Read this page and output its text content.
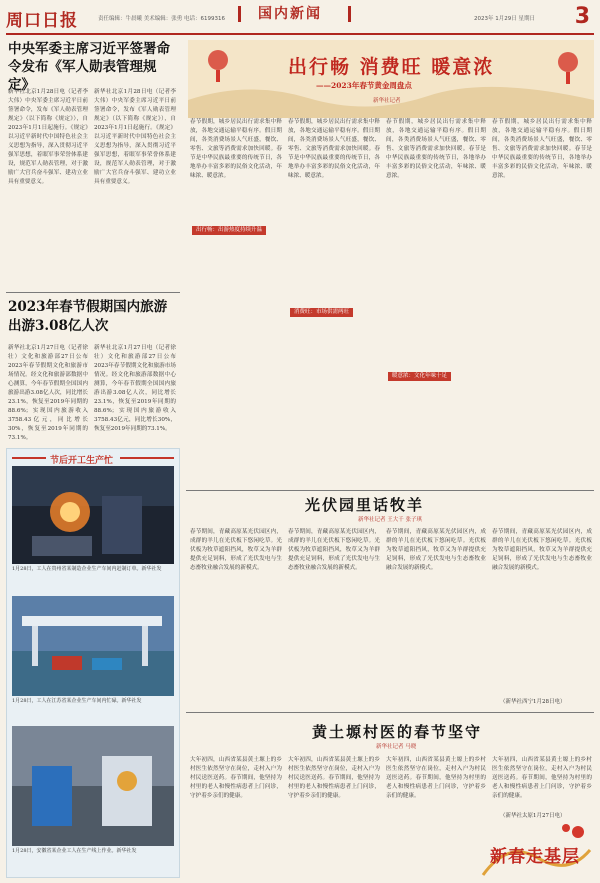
周口日报	责任编辑：牛晨曦 美术编辑：张勇 电话：6199316	2023年 1月29日 星期日 3
国内新闻
中央军委主席习近平签署命令发布《军人勋表管理规定》
新华社北京1月28日电（记者李大伟）中央军委主席习近平日前签署命令，发布《军人勋表管理规定》（以下简称《规定》），自2023年1月1日起施行。《规定》以习近平新时代中国特色社会主义思想为指导，深入贯彻习近平强军思想，着眼军事荣誉体系建设，规范军人勋表管理，对于激励广大官兵奋斗强军、建功立业具有重要意义。
新华社北京1月28日电（记者李大伟）中央军委主席习近平日前签署命令，发布《军人勋表管理规定》（以下简称《规定》），自2023年1月1日起施行。《规定》以习近平新时代中国特色社会主义思想为指导，深入贯彻习近平强军思想，着眼军事荣誉体系建设，规范军人勋表管理，对于激励广大官兵奋斗强军、建功立业具有重要意义。
2023年春节假期国内旅游出游3.08亿人次
新华社北京1月27日电（记者徐壮）文化和旅游部27日公布2023年春节假期文化和旅游市场情况。经文化和旅游部数据中心测算，今年春节假期全国国内旅游出游3.08亿人次，同比增长23.1%，恢复至2019年同期的88.6%；实现国内旅游收入3758.43亿元，同比增长30%，恢复至2019年同期的73.1%。
新华社北京1月27日电（记者徐壮）文化和旅游部27日公布2023年春节假期文化和旅游市场情况。经文化和旅游部数据中心测算，今年春节假期全国国内旅游出游3.08亿人次，同比增长23.1%，恢复至2019年同期的88.6%；实现国内旅游收入3758.43亿元，同比增长30%，恢复至2019年同期的73.1%。
节后开工生产忙
1月28日，工人在贵州省某制造企业生产车间内赶制订单。新华社发
1月28日，工人在江苏省某企业生产车间内忙碌。新华社发
1月28日，安徽省某企业工人在生产线上作业。新华社发
出行畅 消费旺 暖意浓
——2023年春节黄金周盘点
新华社记者
春节假期，城乡居民出行需求集中释放，各地交通运输平稳有序。假日期间，各类消费场景人气旺盛，餐饮、零售、文旅等消费需求加快回暖。春节是中华民族最重要的传统节日，各地举办丰富多彩的民俗文化活动，年味浓、暖意浓。
出行畅：出游热度持续升温
春节假期，城乡居民出行需求集中释放，各地交通运输平稳有序。假日期间，各类消费场景人气旺盛，餐饮、零售、文旅等消费需求加快回暖。春节是中华民族最重要的传统节日，各地举办丰富多彩的民俗文化活动，年味浓、暖意浓。
消费旺：市场供需两旺
春节假期，城乡居民出行需求集中释放，各地交通运输平稳有序。假日期间，各类消费场景人气旺盛，餐饮、零售、文旅等消费需求加快回暖。春节是中华民族最重要的传统节日，各地举办丰富多彩的民俗文化活动，年味浓、暖意浓。
暖意浓：文化年味十足
春节假期，城乡居民出行需求集中释放，各地交通运输平稳有序。假日期间，各类消费场景人气旺盛，餐饮、零售、文旅等消费需求加快回暖。春节是中华民族最重要的传统节日，各地举办丰富多彩的民俗文化活动，年味浓、暖意浓。
光伏园里话牧羊
新华社记者 王大千 张子琪
春节期间，青藏高原某光伏园区内，成群的羊儿在光伏板下悠闲吃草。光伏板为牧草遮阳挡风，牧草又为羊群提供充足饲料，形成了光伏发电与生态畜牧业融合发展的新模式。
春节期间，青藏高原某光伏园区内，成群的羊儿在光伏板下悠闲吃草。光伏板为牧草遮阳挡风，牧草又为羊群提供充足饲料，形成了光伏发电与生态畜牧业融合发展的新模式。
春节期间，青藏高原某光伏园区内，成群的羊儿在光伏板下悠闲吃草。光伏板为牧草遮阳挡风，牧草又为羊群提供充足饲料，形成了光伏发电与生态畜牧业融合发展的新模式。
春节期间，青藏高原某光伏园区内，成群的羊儿在光伏板下悠闲吃草。光伏板为牧草遮阳挡风，牧草又为羊群提供充足饲料，形成了光伏发电与生态畜牧业融合发展的新模式。
（新华社西宁1月28日电）
黄土塬村医的春节坚守
新华社记者 马晓
大年初四，山西省某县黄土塬上的乡村医生依然坚守在岗位，走村入户为村民送医送药。春节期间，他坚持为村里的老人和慢性病患者上门问诊，守护着乡亲们的健康。
大年初四，山西省某县黄土塬上的乡村医生依然坚守在岗位，走村入户为村民送医送药。春节期间，他坚持为村里的老人和慢性病患者上门问诊，守护着乡亲们的健康。
大年初四，山西省某县黄土塬上的乡村医生依然坚守在岗位，走村入户为村民送医送药。春节期间，他坚持为村里的老人和慢性病患者上门问诊，守护着乡亲们的健康。
大年初四，山西省某县黄土塬上的乡村医生依然坚守在岗位，走村入户为村民送医送药。春节期间，他坚持为村里的老人和慢性病患者上门问诊，守护着乡亲们的健康。
（新华社太原1月27日电）
新春走基层
